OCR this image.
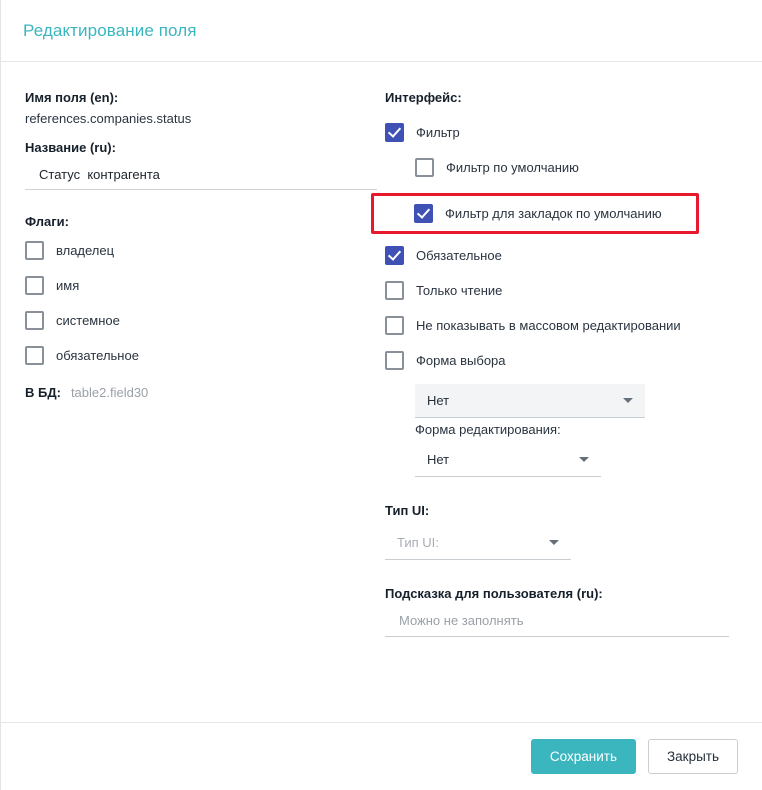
Редактирование поля
Имя поля (en):
references.companies.status
Название (ru):
Статус контрагента
Флаги:
владелец
имя
системное
обязательное
В БД: table2.field30
Интерфейс:
Фильтр
Фильтр по умолчанию
Фильтр для закладок по умолчанию
Обязательное
Только чтение
Не показывать в массовом редактировании
Форма выбора
Нет
Форма редактирования:
Нет
Тип UI:
Тип UI:
Подсказка для пользователя (ru):
Можно не заполнять
Сохранить	Закрыть
